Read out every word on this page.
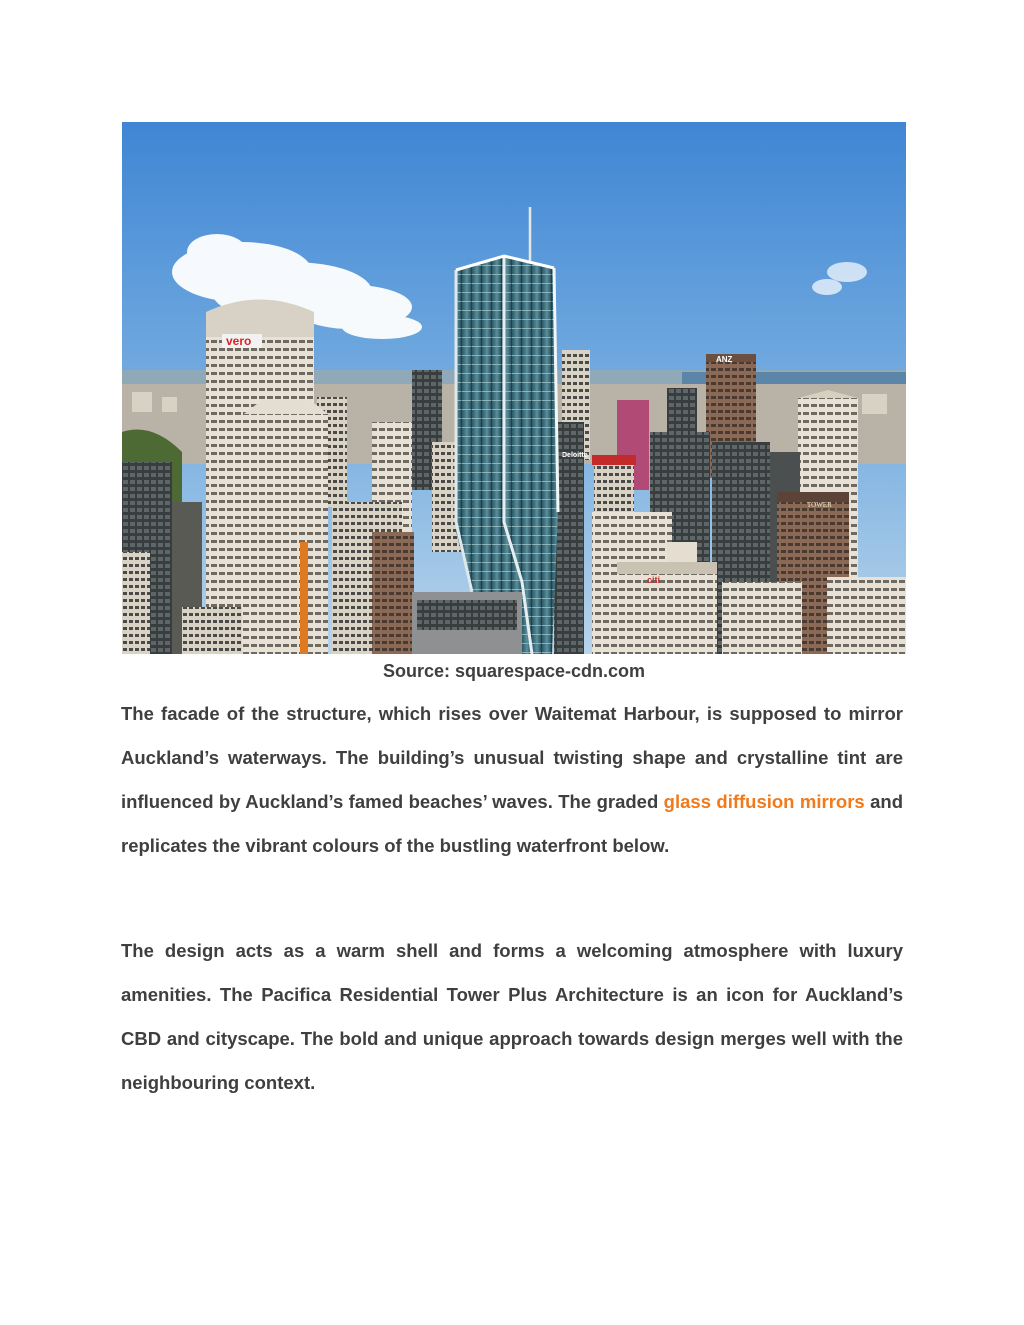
ANZ
TOWER
Deloitte
citi
vero
Source: squarespace-cdn.com

The facade of the structure, which rises over Waitemat Harbour, is supposed to mirror Auckland’s waterways. The building’s unusual twisting shape and crystalline tint are influenced by Auckland’s famed beaches’ waves. The graded glass diffusion mirrors and replicates the vibrant colours of the bustling waterfront below.

The design acts as a warm shell and forms a welcoming atmosphere with luxury amenities. The Pacifica Residential Tower Plus Architecture is an icon for Auckland’s CBD and cityscape. The bold and unique approach towards design merges well with the neighbouring context.
